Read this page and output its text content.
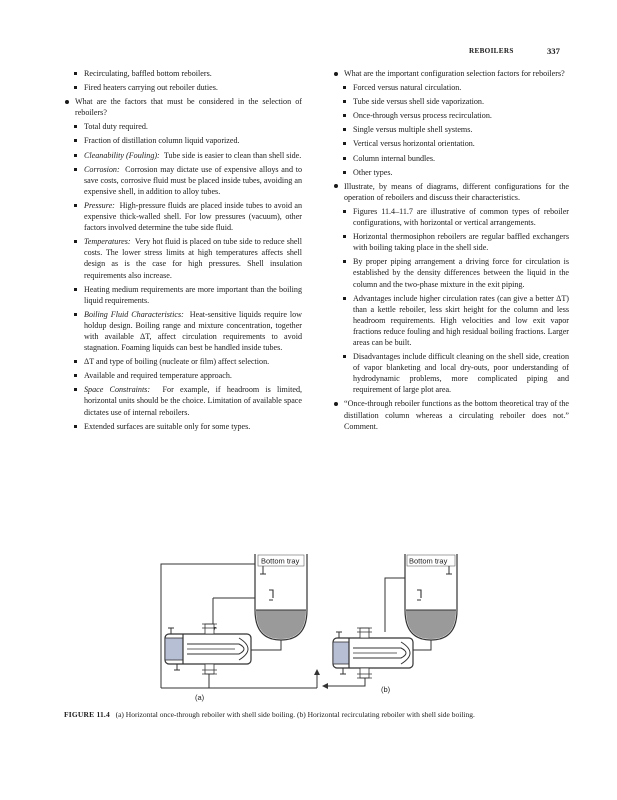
REBOILERS	337
Recirculating, baffled bottom reboilers.
Fired heaters carrying out reboiler duties.
What are the factors that must be considered in the selection of reboilers?
Total duty required.
Fraction of distillation column liquid vaporized.
Cleanability (Fouling): Tube side is easier to clean than shell side.
Corrosion: Corrosion may dictate use of expensive alloys and to save costs, corrosive fluid must be placed inside tubes, avoiding an expensive shell, in addition to alloy tubes.
Pressure: High-pressure fluids are placed inside tubes to avoid an expensive thick-walled shell. For low pressures (vacuum), other factors involved determine the tube side fluid.
Temperatures: Very hot fluid is placed on tube side to reduce shell costs. The lower stress limits at high temperatures affects shell design as is the case for high pressures. Shell insulation requirements also increase.
Heating medium requirements are more important than the boiling liquid requirements.
Boiling Fluid Characteristics: Heat-sensitive liquids require low holdup design. Boiling range and mixture concentration, together with available ΔT, affect circulation requirements to avoid stagnation. Foaming liquids can best be handled inside tubes.
ΔT and type of boiling (nucleate or film) affect selection.
Available and required temperature approach.
Space Constraints: For example, if headroom is limited, horizontal units should be the choice. Limitation of available space dictates use of internal reboilers.
Extended surfaces are suitable only for some types.
What are the important configuration selection factors for reboilers?
Forced versus natural circulation.
Tube side versus shell side vaporization.
Once-through versus process recirculation.
Single versus multiple shell systems.
Vertical versus horizontal orientation.
Column internal bundles.
Other types.
Illustrate, by means of diagrams, different configurations for the operation of reboilers and discuss their characteristics.
Figures 11.4–11.7 are illustrative of common types of reboiler configurations, with horizontal or vertical arrangements.
Horizontal thermosiphon reboilers are regular baffled exchangers with boiling taking place in the shell side.
By proper piping arrangement a driving force for circulation is established by the density differences between the liquid in the column and the two-phase mixture in the exit piping.
Advantages include higher circulation rates (can give a better ΔT) than a kettle reboiler, less skirt height for the column and less headroom requirements. High velocities and low exit vapor fractions reduce fouling and high residual boiling fractions. Larger areas can be built.
Disadvantages include difficult cleaning on the shell side, creation of vapor blanketing and local dry-outs, poor understanding of hydrodynamic problems, more complicated piping and requirement of large plot area.
“Once-through reboiler functions as the bottom theoretical tray of the distillation column whereas a circulating reboiler does not.” Comment.
Bottom tray
(a)
Bottom tray
(b)
FIGURE 11.4 (a) Horizontal once-through reboiler with shell side boiling. (b) Horizontal recirculating reboiler with shell side boiling.
